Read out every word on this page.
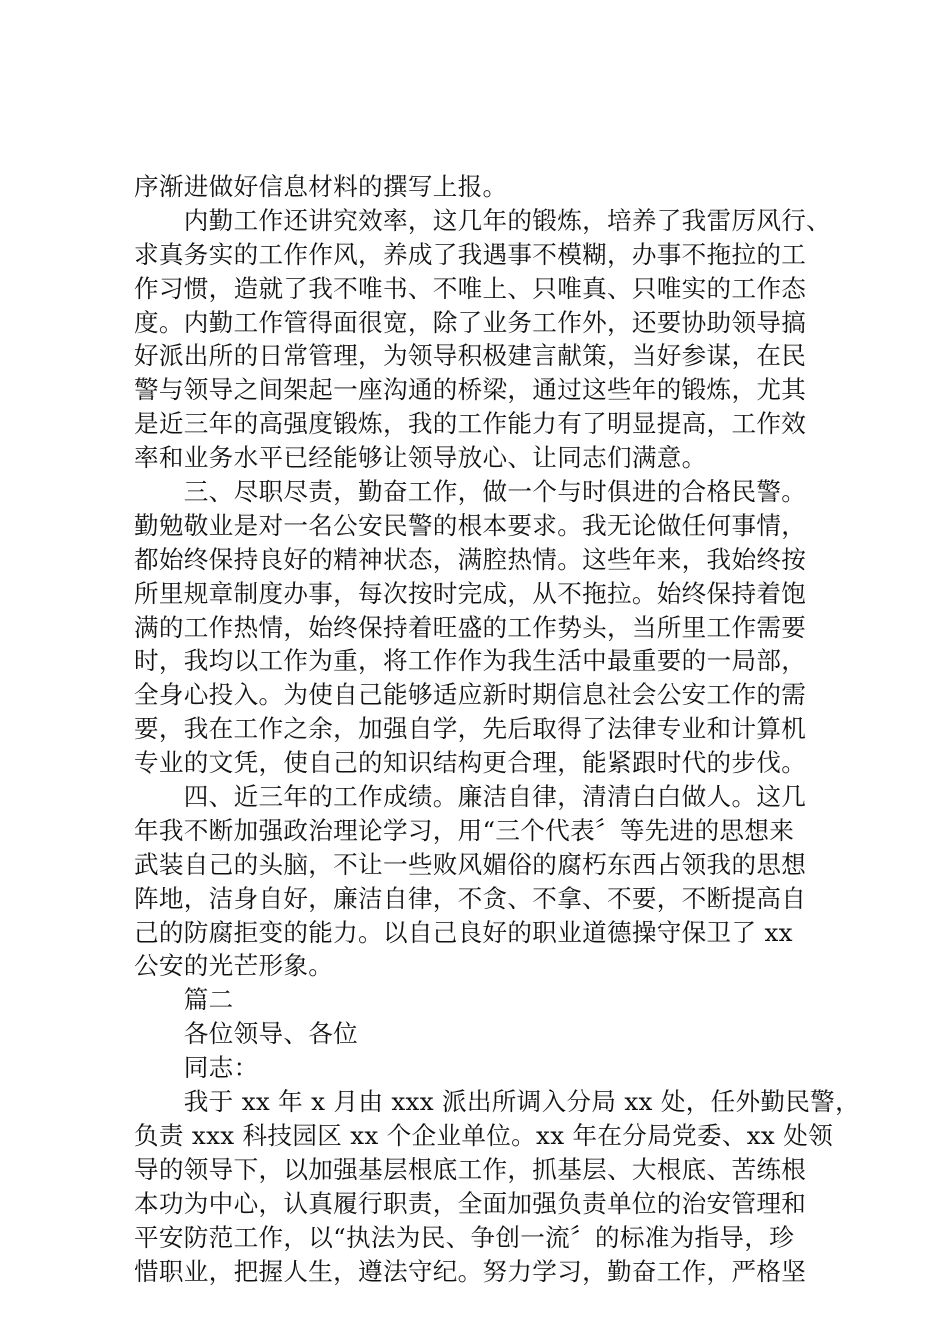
序渐进做好信息材料的撰写上报。
　　内勤工作还讲究效率，这几年的锻炼，培养了我雷厉风行、
求真务实的工作作风，养成了我遇事不模糊，办事不拖拉的工
作习惯，造就了我不唯书、不唯上、只唯真、只唯实的工作态
度。内勤工作管得面很宽，除了业务工作外，还要协助领导搞
好派出所的日常管理，为领导积极建言献策，当好参谋，在民
警与领导之间架起一座沟通的桥梁，通过这些年的锻炼，尤其
是近三年的高强度锻炼，我的工作能力有了明显提高，工作效
率和业务水平已经能够让领导放心、让同志们满意。
　　三、尽职尽责，勤奋工作，做一个与时俱进的合格民警。
勤勉敬业是对一名公安民警的根本要求。我无论做任何事情，
都始终保持良好的精神状态，满腔热情。这些年来，我始终按
所里规章制度办事，每次按时完成，从不拖拉。始终保持着饱
满的工作热情，始终保持着旺盛的工作势头，当所里工作需要
时，我均以工作为重，将工作作为我生活中最重要的一局部，
全身心投入。为使自己能够适应新时期信息社会公安工作的需
要，我在工作之余，加强自学，先后取得了法律专业和计算机
专业的文凭，使自己的知识结构更合理，能紧跟时代的步伐。
　　四、近三年的工作成绩。廉洁自律，清清白白做人。这几
年我不断加强政治理论学习，用“三个代表〞等先进的思想来
武装自己的头脑，不让一些败风媚俗的腐朽东西占领我的思想
阵地，洁身自好，廉洁自律，不贪、不拿、不要，不断提高自
己的防腐拒变的能力。以自己良好的职业道德操守保卫了 xx
公安的光芒形象。
　　篇二
　　各位领导、各位
　　同志：
　　我于 xx 年 x 月由 xxx 派出所调入分局 xx 处，任外勤民警，
负责 xxx 科技园区 xx 个企业单位。xx 年在分局党委、xx 处领
导的领导下，以加强基层根底工作，抓基层、大根底、苦练根
本功为中心，认真履行职责，全面加强负责单位的治安管理和
平安防范工作，以“执法为民、争创一流〞的标准为指导，珍
惜职业，把握人生，遵法守纪。努力学习，勤奋工作，严格坚
